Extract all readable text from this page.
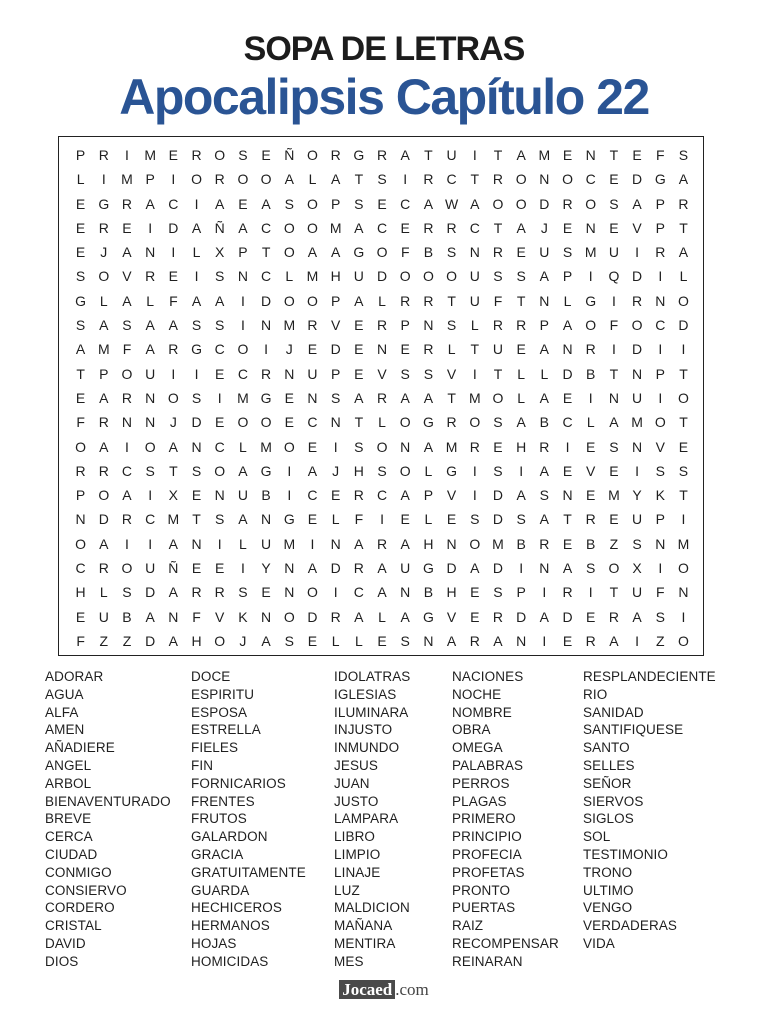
SOPA DE LETRAS
Apocalipsis Capítulo 22
P R	I	M E R O S E Ñ O R G R A	T U	I	T	A M E N T	E	F	S
L	I	M P	I	O R O O A	L	A	T	S	I	R C T R O N O C E D G A
E G R A C	I	A E A S O P S E C A W A O O D R O S A P R
E R E	I	D A Ñ A C O O M A C E R R C T	A	J	E N E V P	T
E	J	A N	I	L	X P	T O A A G O F	B S N R E U S M U	I	R A
S O V R E	I	S N C	L M H U D O O O U S S A P	I	Q D	I	L
G L	A	L	F	A A	I	D O O P A	L	R R T U F	T N	L G	I	R N O
S A S A A S S	I	N M R V E R P N S	L	R R P A O F O C D
A M F	A R G C O	I	J	E D E N E R	L	T U E A N R	I	D	I	I
T	P O U	I	I	E C R N U P E V S S V	I	T	L	L	D B	T N P	T
E A R N O S	I	M G E N S A R A A	T M O L	A E	I	N U	I	O
F R N N	J	D E O O E C N T	L O G R O S A B C	L	A M O T
O A	I	O A N C	L M O E	I	S O N A M R E H R	I	E S N V E
R R C S	T	S O A G	I	A	J	H S O L G	I	S	I	A E V E	I	S S
P O A	I	X E N U B	I	C E R C A P V	I	D A S N E M Y K	T
N D R C M T	S A N G E	L	F	I	E	L	E S D S A	T R E U P	I
O A	I	I	A N	I	L	U M	I	N A R A H N O M B R E B	Z	S N M
C R O U Ñ E E	I	Y N A D R A U G D A D	I	N A S O X	I	O
H	L	S D A R R S E N O	I	C A N B H E S P	I	R	I	T U F N
E U B A N F	V K N O D R A	L	A G V E R D A D E R A S	I
F	Z	Z D A H O	J	A S E	L	L	E S N A R A N	I	E R A	I	Z O
ADORAR
AGUA
ALFA
AMEN
AÑADIERE
ANGEL
ARBOL
BIENAVENTURADO
BREVE
CERCA
CIUDAD
CONMIGO
CONSIERVO
CORDERO
CRISTAL
DAVID
DIOS
DOCE
ESPIRITU
ESPOSA
ESTRELLA
FIELES
FIN
FORNICARIOS
FRENTES
FRUTOS
GALARDON
GRACIA
GRATUITAMENTE
GUARDA
HECHICEROS
HERMANOS
HOJAS
HOMICIDAS
IDOLATRAS
IGLESIAS
ILUMINARA
INJUSTO
INMUNDO
JESUS
JUAN
JUSTO
LAMPARA
LIBRO
LIMPIO
LINAJE
LUZ
MALDICION
MAÑANA
MENTIRA
MES
NACIONES
NOCHE
NOMBRE
OBRA
OMEGA
PALABRAS
PERROS
PLAGAS
PRIMERO
PRINCIPIO
PROFECIA
PROFETAS
PRONTO
PUERTAS
RAIZ
RECOMPENSAR
REINARAN
RESPLANDECIENTE
RIO
SANIDAD
SANTIFIQUESE
SANTO
SELLES
SEÑOR
SIERVOS
SIGLOS
SOL
TESTIMONIO
TRONO
ULTIMO
VENGO
VERDADERAS
VIDA
Jocaed .com
